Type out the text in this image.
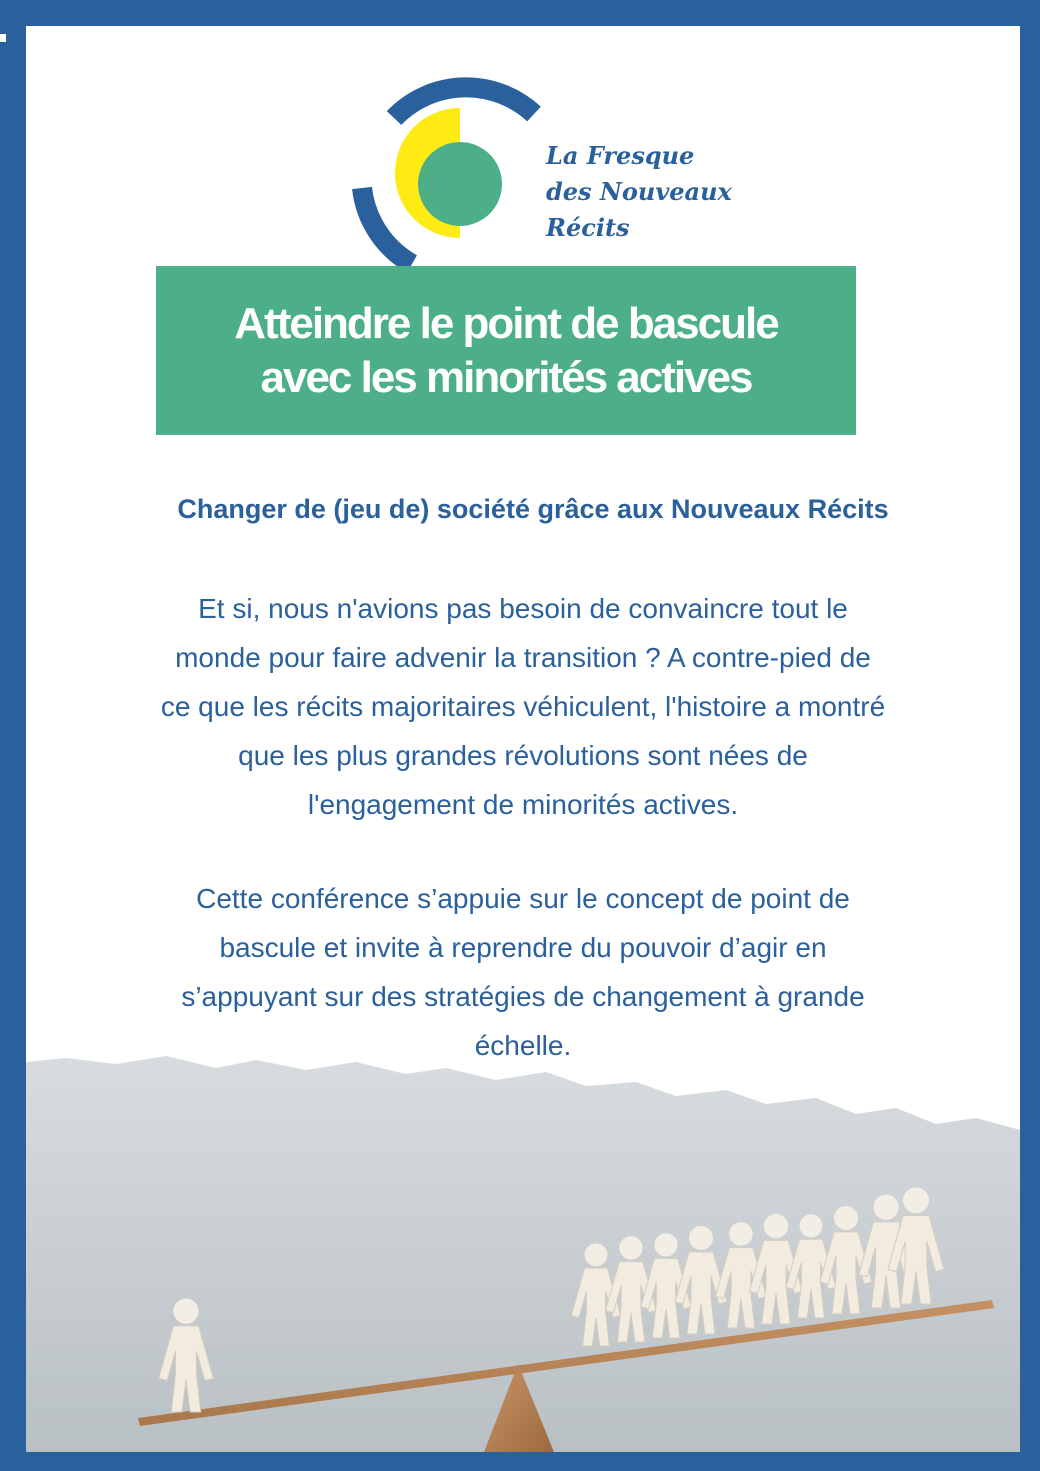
La Fresque
des Nouveaux
Récits
Atteindre le point de bascule
avec les minorités actives
Changer de (jeu de) société grâce aux Nouveaux Récits
Et si, nous n'avions pas besoin de convaincre tout le
monde pour faire advenir la transition ? A contre-pied de
ce que les récits majoritaires véhiculent, l'histoire a montré
que les plus grandes révolutions sont nées de
l'engagement de minorités actives.
Cette conférence s’appuie sur le concept de point de
bascule et invite à reprendre du pouvoir d’agir en
s’appuyant sur des stratégies de changement à grande
échelle.
